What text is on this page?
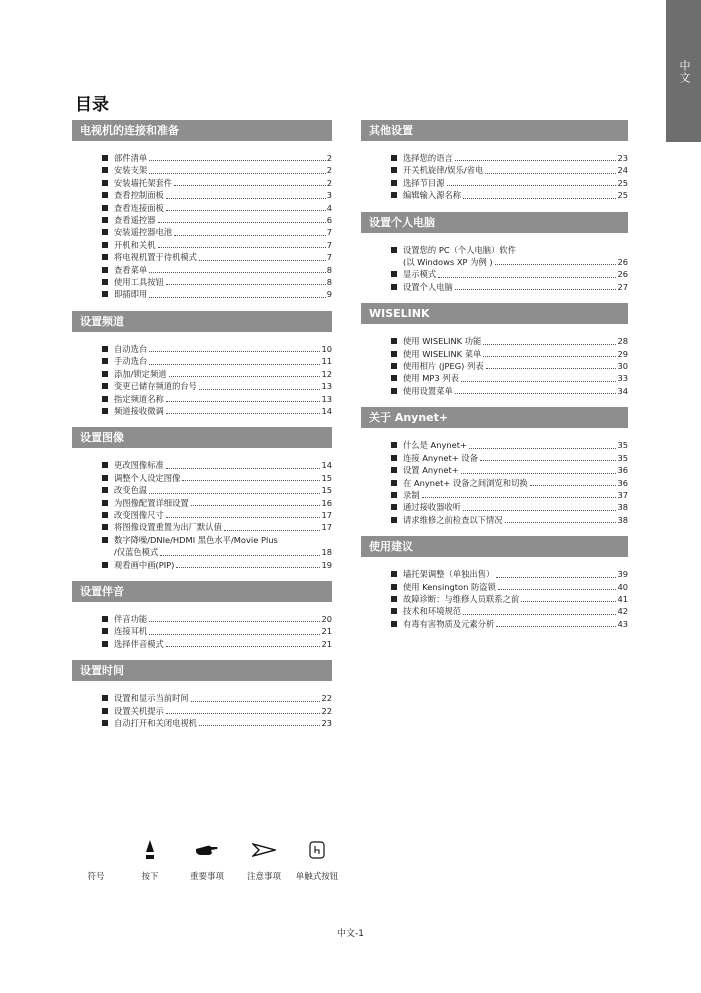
中文
目录
电视机的连接和准备
部件清单	2
安装支架	2
安装墙托架套件	2
查看控制面板	3
查看连接面板	4
查看遥控器	6
安装遥控器电池	7
开机和关机	7
将电视机置于待机模式	7
查看菜单	8
使用工具按钮	8
即插即用	9
设置频道
自动选台	10
手动选台	11
添加/锁定频道	12
变更已储存频道的台号	13
指定频道名称	13
频道接收微调	14
设置图像
更改图像标准	14
调整个人设定图像	15
改变色温	15
为图像配置详细设置	16
改变图像尺寸	17
将图像设置重置为出厂默认值	17
数字降噪/DNIe/HDMI 黑色水平/Movie Plus
/仅蓝色模式	18
观看画中画(PIP)	19
设置伴音
伴音功能	20
连接耳机	21
选择伴音模式	21
设置时间
设置和显示当前时间	22
设置关机提示	22
自动打开和关闭电视机	23
其他设置
选择您的语言	23
开关机旋律/娱乐/省电	24
选择节目源	25
编辑输入源名称	25
设置个人电脑
设置您的 PC（个人电脑）软件
(以 Windows XP 为例 )	26
显示模式	26
设置个人电脑	27
WISELINK
使用 WISELINK 功能	28
使用 WISELINK 菜单	29
使用相片 (JPEG) 列表	30
使用 MP3 列表	33
使用设置菜单	34
关于 Anynet+
什么是 Anynet+	35
连接 Anynet+ 设备	35
设置 Anynet+	36
在 Anynet+ 设备之间浏览和切换	36
录制	37
通过接收器收听	38
请求维修之前检查以下情况	38
使用建议
墙托架调整（单独出售）	39
使用 Kensington 防盗锁	40
故障诊断：与维修人员联系之前	41
技术和环境规范	42
有毒有害物质及元素分析	43
符号	按下	重要事项	注意事项	单触式按钮
中文-1
